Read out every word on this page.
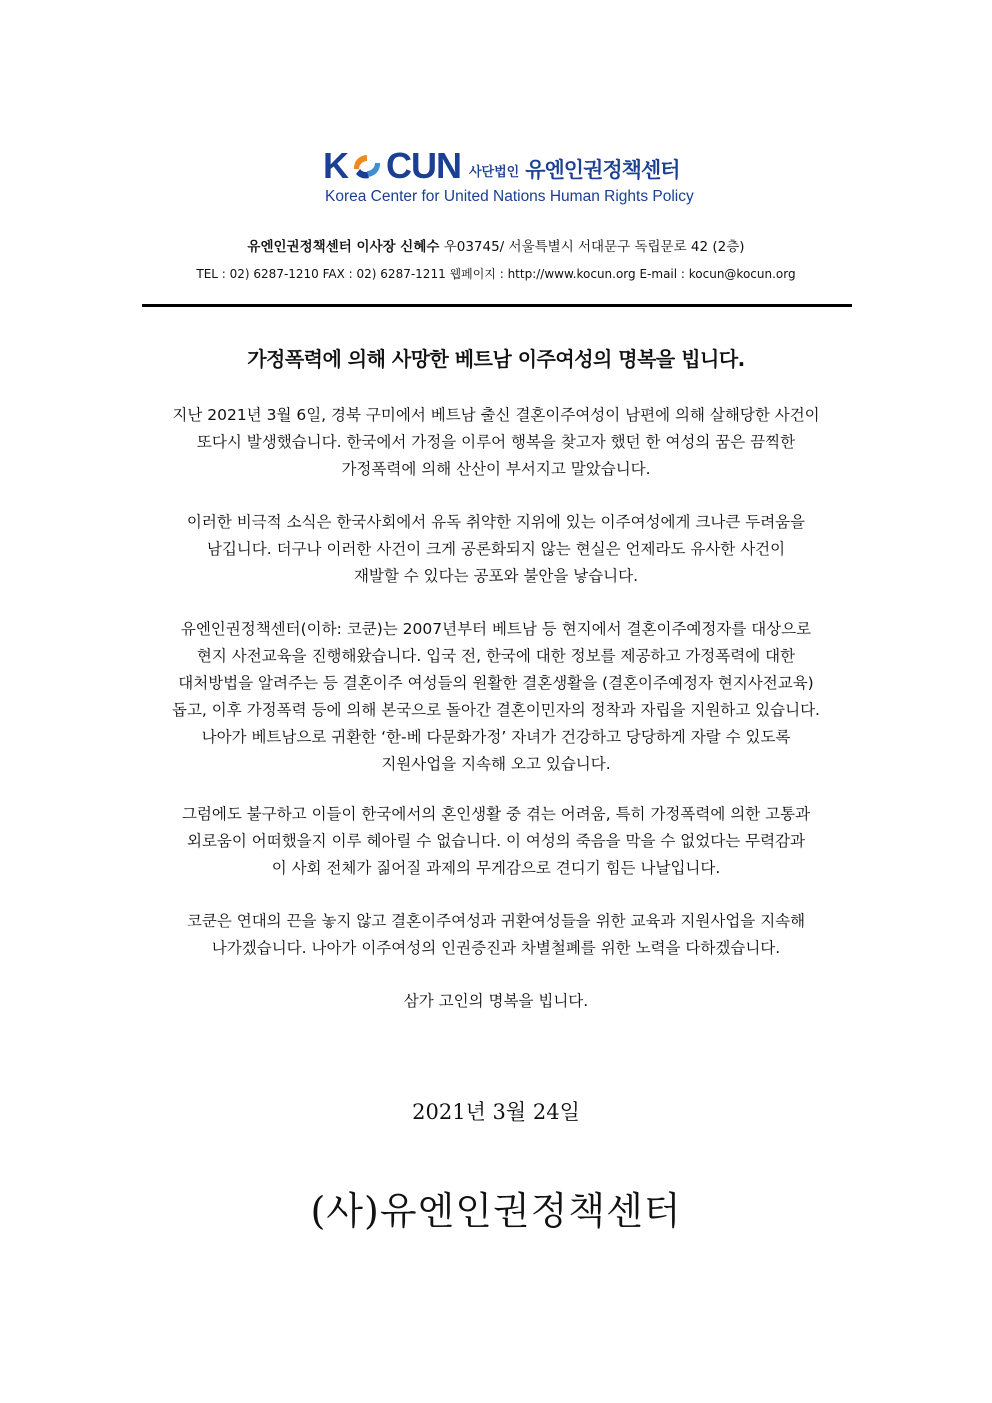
K CUN 사단법인 유엔인권정책센터
Korea Center for United Nations Human Rights Policy
유엔인권정책센터 이사장 신혜수 우03745/ 서울특별시 서대문구 독립문로 42 (2층)
TEL : 02) 6287-1210 FAX : 02) 6287-1211 웹페이지 : http://www.kocun.org E-mail : kocun@kocun.org
가정폭력에 의해 사망한 베트남 이주여성의 명복을 빕니다.
지난 2021년 3월 6일, 경북 구미에서 베트남 출신 결혼이주여성이 남편에 의해 살해당한 사건이
또다시 발생했습니다. 한국에서 가정을 이루어 행복을 찾고자 했던 한 여성의 꿈은 끔찍한
가정폭력에 의해 산산이 부서지고 말았습니다.
이러한 비극적 소식은 한국사회에서 유독 취약한 지위에 있는 이주여성에게 크나큰 두려움을
남깁니다. 더구나 이러한 사건이 크게 공론화되지 않는 현실은 언제라도 유사한 사건이
재발할 수 있다는 공포와 불안을 낳습니다.
유엔인권정책센터(이하: 코쿤)는 2007년부터 베트남 등 현지에서 결혼이주예정자를 대상으로
현지 사전교육을 진행해왔습니다. 입국 전, 한국에 대한 정보를 제공하고 가정폭력에 대한
대처방법을 알려주는 등 결혼이주 여성들의 원활한 결혼생활을 (결혼이주예정자 현지사전교육)
돕고, 이후 가정폭력 등에 의해 본국으로 돌아간 결혼이민자의 정착과 자립을 지원하고 있습니다.
나아가 베트남으로 귀환한 ‘한-베 다문화가정’ 자녀가 건강하고 당당하게 자랄 수 있도록
지원사업을 지속해 오고 있습니다.
그럼에도 불구하고 이들이 한국에서의 혼인생활 중 겪는 어려움, 특히 가정폭력에 의한 고통과
외로움이 어떠했을지 이루 헤아릴 수 없습니다. 이 여성의 죽음을 막을 수 없었다는 무력감과
이 사회 전체가 짊어질 과제의 무게감으로 견디기 힘든 나날입니다.
코쿤은 연대의 끈을 놓지 않고 결혼이주여성과 귀환여성들을 위한 교육과 지원사업을 지속해
나가겠습니다. 나아가 이주여성의 인권증진과 차별철폐를 위한 노력을 다하겠습니다.
삼가 고인의 명복을 빕니다.
2021년 3월 24일
(사)유엔인권정책센터
